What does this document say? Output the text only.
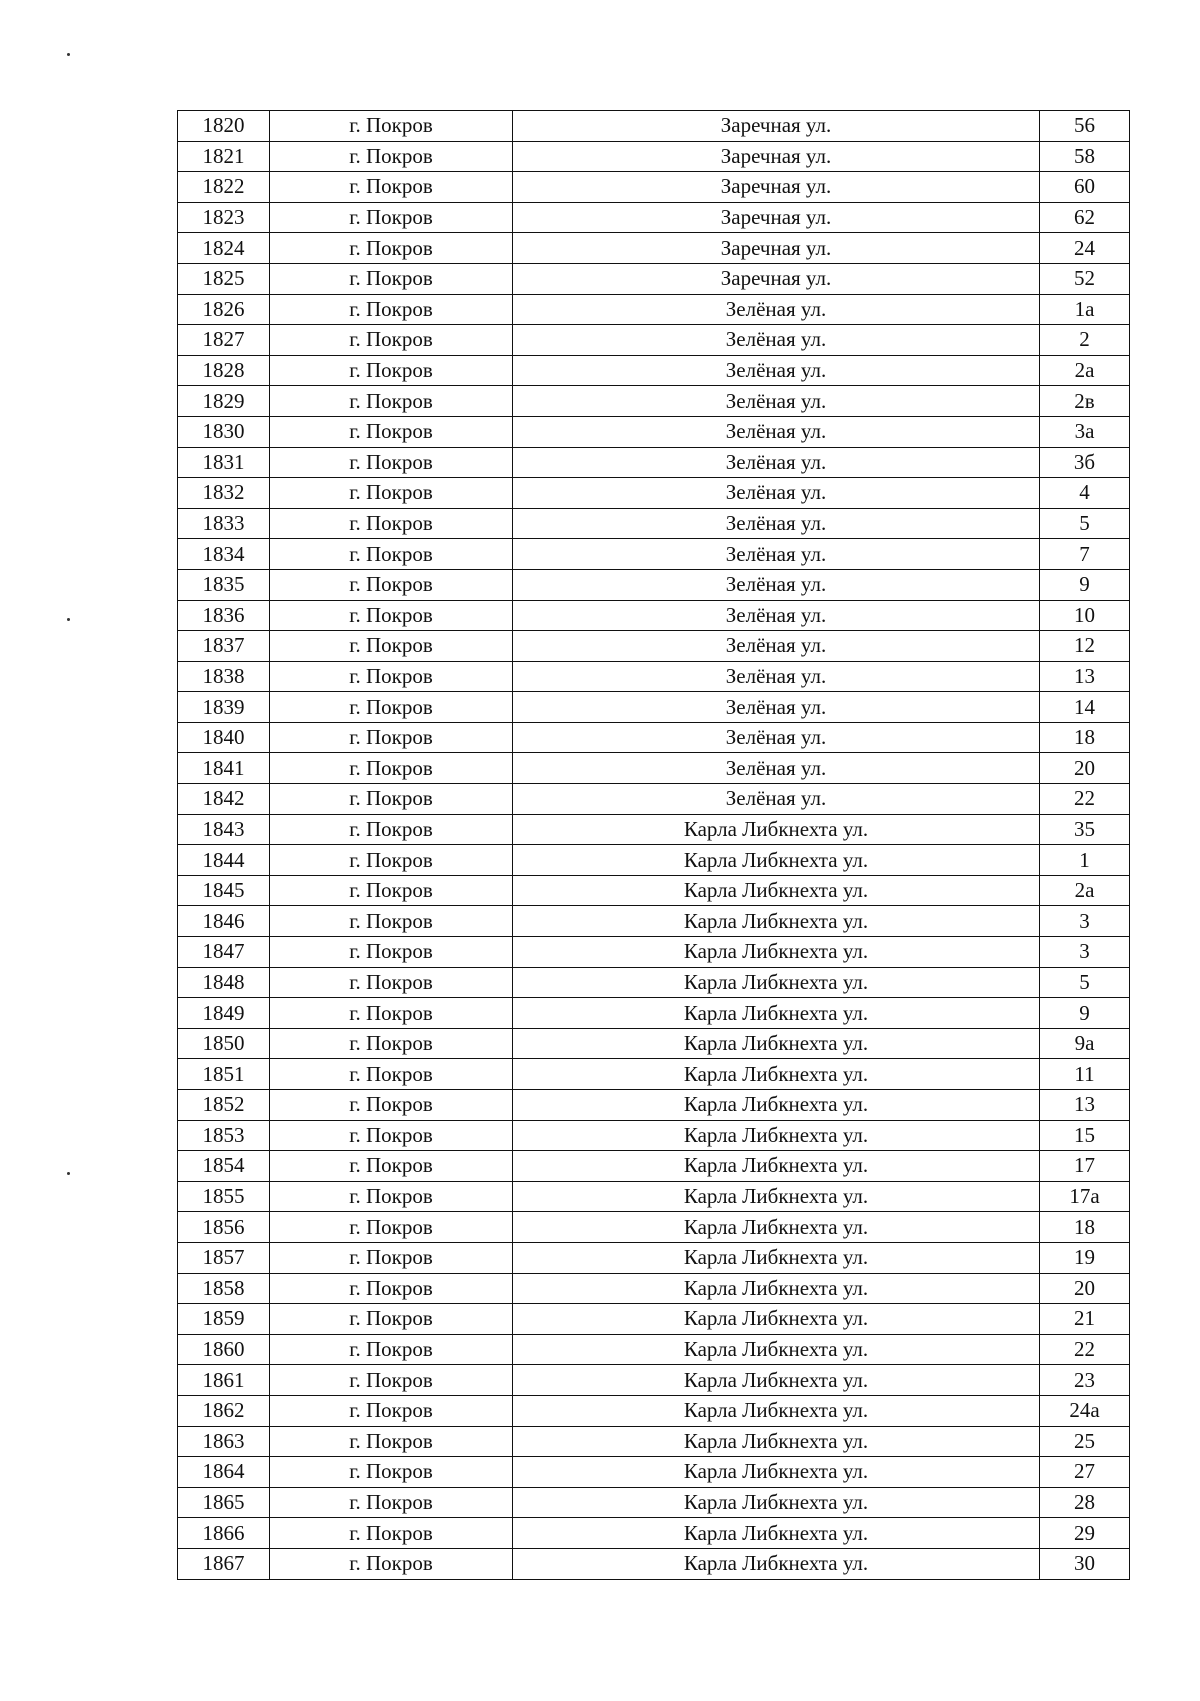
1820	г. Покров	Заречная ул.	56
1821	г. Покров	Заречная ул.	58
1822	г. Покров	Заречная ул.	60
1823	г. Покров	Заречная ул.	62
1824	г. Покров	Заречная ул.	24
1825	г. Покров	Заречная ул.	52
1826	г. Покров	Зелёная ул.	1а
1827	г. Покров	Зелёная ул.	2
1828	г. Покров	Зелёная ул.	2а
1829	г. Покров	Зелёная ул.	2в
1830	г. Покров	Зелёная ул.	3а
1831	г. Покров	Зелёная ул.	3б
1832	г. Покров	Зелёная ул.	4
1833	г. Покров	Зелёная ул.	5
1834	г. Покров	Зелёная ул.	7
1835	г. Покров	Зелёная ул.	9
1836	г. Покров	Зелёная ул.	10
1837	г. Покров	Зелёная ул.	12
1838	г. Покров	Зелёная ул.	13
1839	г. Покров	Зелёная ул.	14
1840	г. Покров	Зелёная ул.	18
1841	г. Покров	Зелёная ул.	20
1842	г. Покров	Зелёная ул.	22
1843	г. Покров	Карла Либкнехта ул.	35
1844	г. Покров	Карла Либкнехта ул.	1
1845	г. Покров	Карла Либкнехта ул.	2а
1846	г. Покров	Карла Либкнехта ул.	3
1847	г. Покров	Карла Либкнехта ул.	3
1848	г. Покров	Карла Либкнехта ул.	5
1849	г. Покров	Карла Либкнехта ул.	9
1850	г. Покров	Карла Либкнехта ул.	9а
1851	г. Покров	Карла Либкнехта ул.	11
1852	г. Покров	Карла Либкнехта ул.	13
1853	г. Покров	Карла Либкнехта ул.	15
1854	г. Покров	Карла Либкнехта ул.	17
1855	г. Покров	Карла Либкнехта ул.	17а
1856	г. Покров	Карла Либкнехта ул.	18
1857	г. Покров	Карла Либкнехта ул.	19
1858	г. Покров	Карла Либкнехта ул.	20
1859	г. Покров	Карла Либкнехта ул.	21
1860	г. Покров	Карла Либкнехта ул.	22
1861	г. Покров	Карла Либкнехта ул.	23
1862	г. Покров	Карла Либкнехта ул.	24а
1863	г. Покров	Карла Либкнехта ул.	25
1864	г. Покров	Карла Либкнехта ул.	27
1865	г. Покров	Карла Либкнехта ул.	28
1866	г. Покров	Карла Либкнехта ул.	29
1867	г. Покров	Карла Либкнехта ул.	30
